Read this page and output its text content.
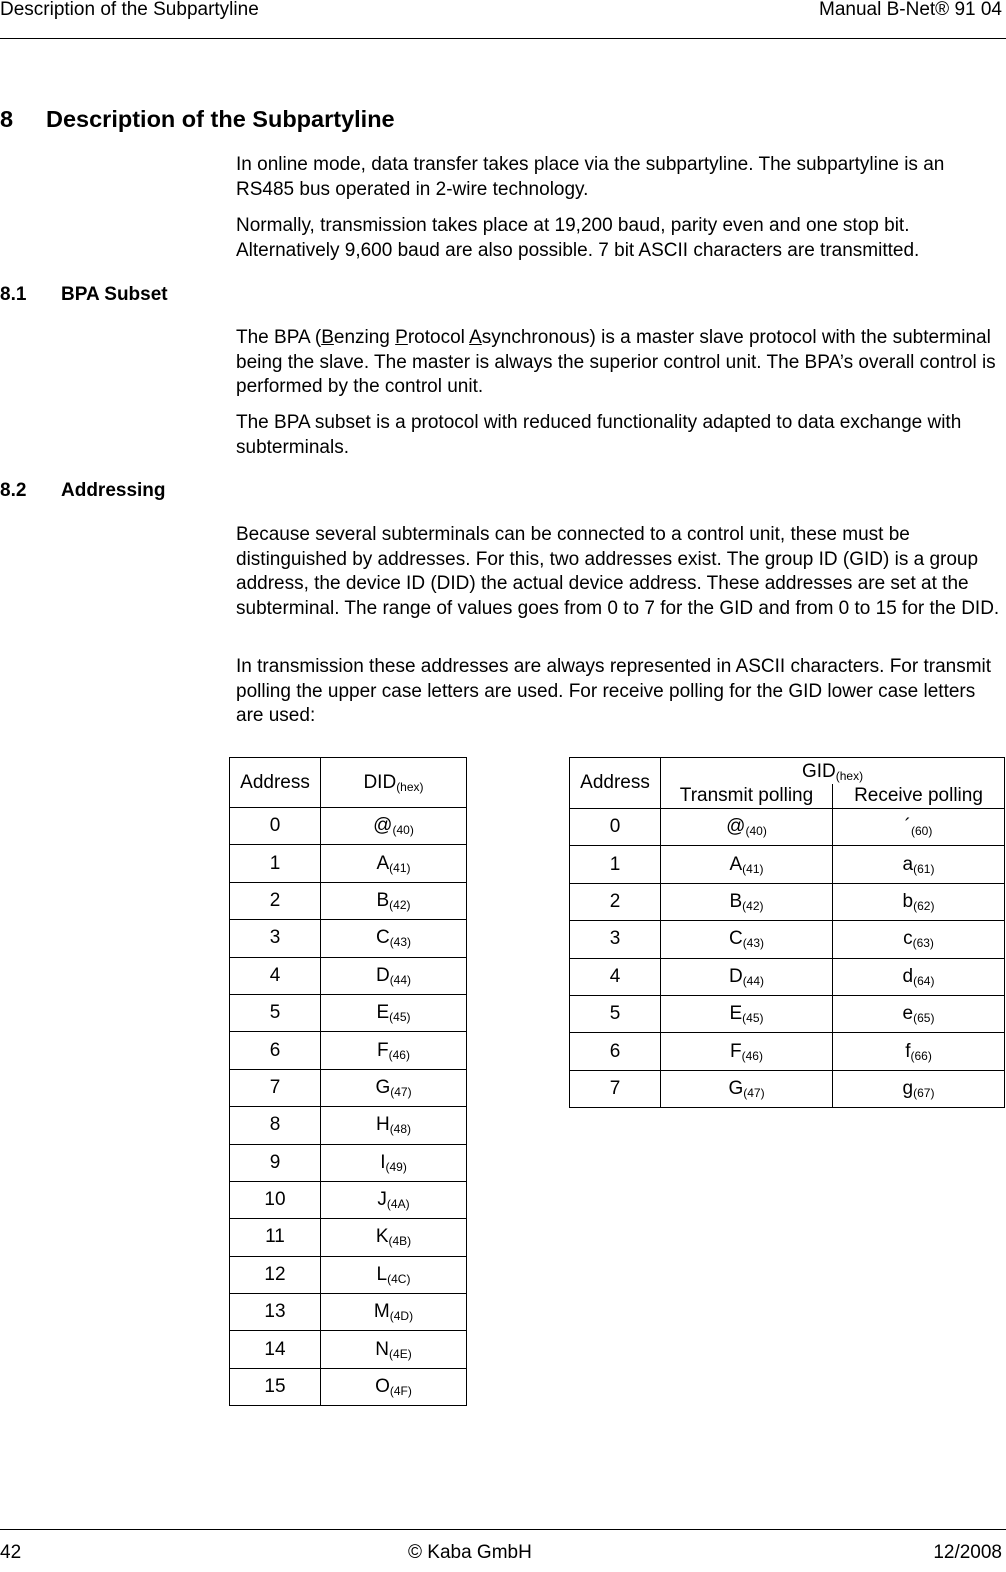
Description of the Subpartyline	Manual B-Net® 91 04
8 Description of the Subpartyline
In online mode, data transfer takes place via the subpartyline. The subpartyline is an RS485 bus operated in 2-wire technology.
Normally, transmission takes place at 19,200 baud, parity even and one stop bit. Alternatively 9,600 baud are also possible. 7 bit ASCII characters are transmitted.
8.1 BPA Subset
The BPA (Benzing Protocol Asynchronous) is a master slave protocol with the subterminal being the slave. The master is always the superior control unit. The BPA’s overall control is performed by the control unit.
The BPA subset is a protocol with reduced functionality adapted to data exchange with subterminals.
8.2 Addressing
Because several subterminals can be connected to a control unit, these must be distinguished by addresses. For this, two addresses exist. The group ID (GID) is a group address, the device ID (DID) the actual device address. These addresses are set at the subterminal. The range of values goes from 0 to 7 for the GID and from 0 to 15 for the DID.
In transmission these addresses are always represented in ASCII characters. For transmit polling the upper case letters are used. For receive polling for the GID lower case letters are used:
Address	$DID_{(hex)}$
0	$@_{(40)}$
1	$A_{(41)}$
2	$B_{(42)}$
3	$C_{(43)}$
4	$D_{(44)}$
5	$E_{(45)}$
6	$F_{(46)}$
7	$G_{(47)}$
8	$H_{(48)}$
9	$I_{(49)}$
10	$J_{(4A)}$
11	$K_{(4B)}$
12	$L_{(4C)}$
13	$M_{(4D)}$
14	$N_{(4E)}$
15	$O_{(4F)}$
Address	$GID_{(hex)}$
	Transmit polling	Receive polling
0	$@_{(40)}$	$´_{(60)}$
1	$A_{(41)}$	$a_{(61)}$
2	$B_{(42)}$	$b_{(62)}$
3	$C_{(43)}$	$c_{(63)}$
4	$D_{(44)}$	$d_{(64)}$
5	$E_{(45)}$	$e_{(65)}$
6	$F_{(46)}$	$f_{(66)}$
7	$G_{(47)}$	$g_{(67)}$
42	© Kaba GmbH	12/2008
